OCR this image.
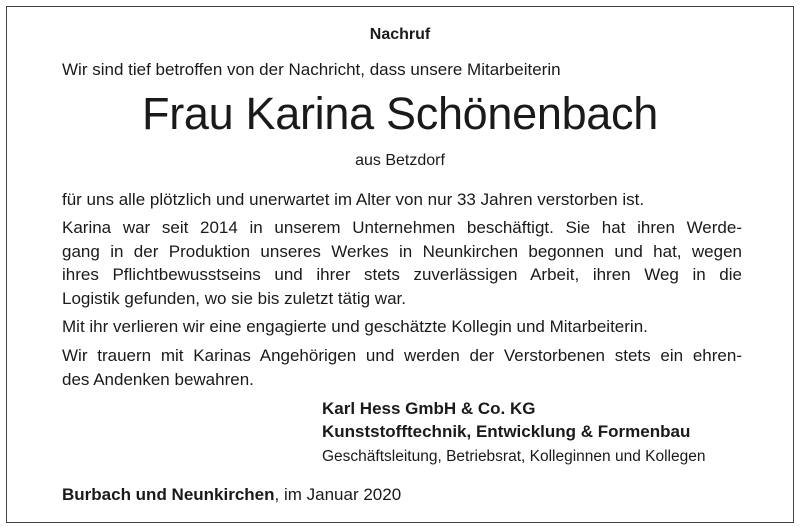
Nachruf
Wir sind tief betroffen von der Nachricht, dass unsere Mitarbeiterin
Frau Karina Schönenbach
aus Betzdorf
für uns alle plötzlich und unerwartet im Alter von nur 33 Jahren verstorben ist.
Karina war seit 2014 in unserem Unternehmen beschäftigt. Sie hat ihren Werde-
gang in der Produktion unseres Werkes in Neunkirchen begonnen und hat, wegen
ihres Pflichtbewusstseins und ihrer stets zuverlässigen Arbeit, ihren Weg in die
Logistik gefunden, wo sie bis zuletzt tätig war.
Mit ihr verlieren wir eine engagierte und geschätzte Kollegin und Mitarbeiterin.
Wir trauern mit Karinas Angehörigen und werden der Verstorbenen stets ein ehren-
des Andenken bewahren.
Karl Hess GmbH & Co. KG
Kunststofftechnik, Entwicklung & Formenbau
Geschäftsleitung, Betriebsrat, Kolleginnen und Kollegen
Burbach und Neunkirchen, im Januar 2020
